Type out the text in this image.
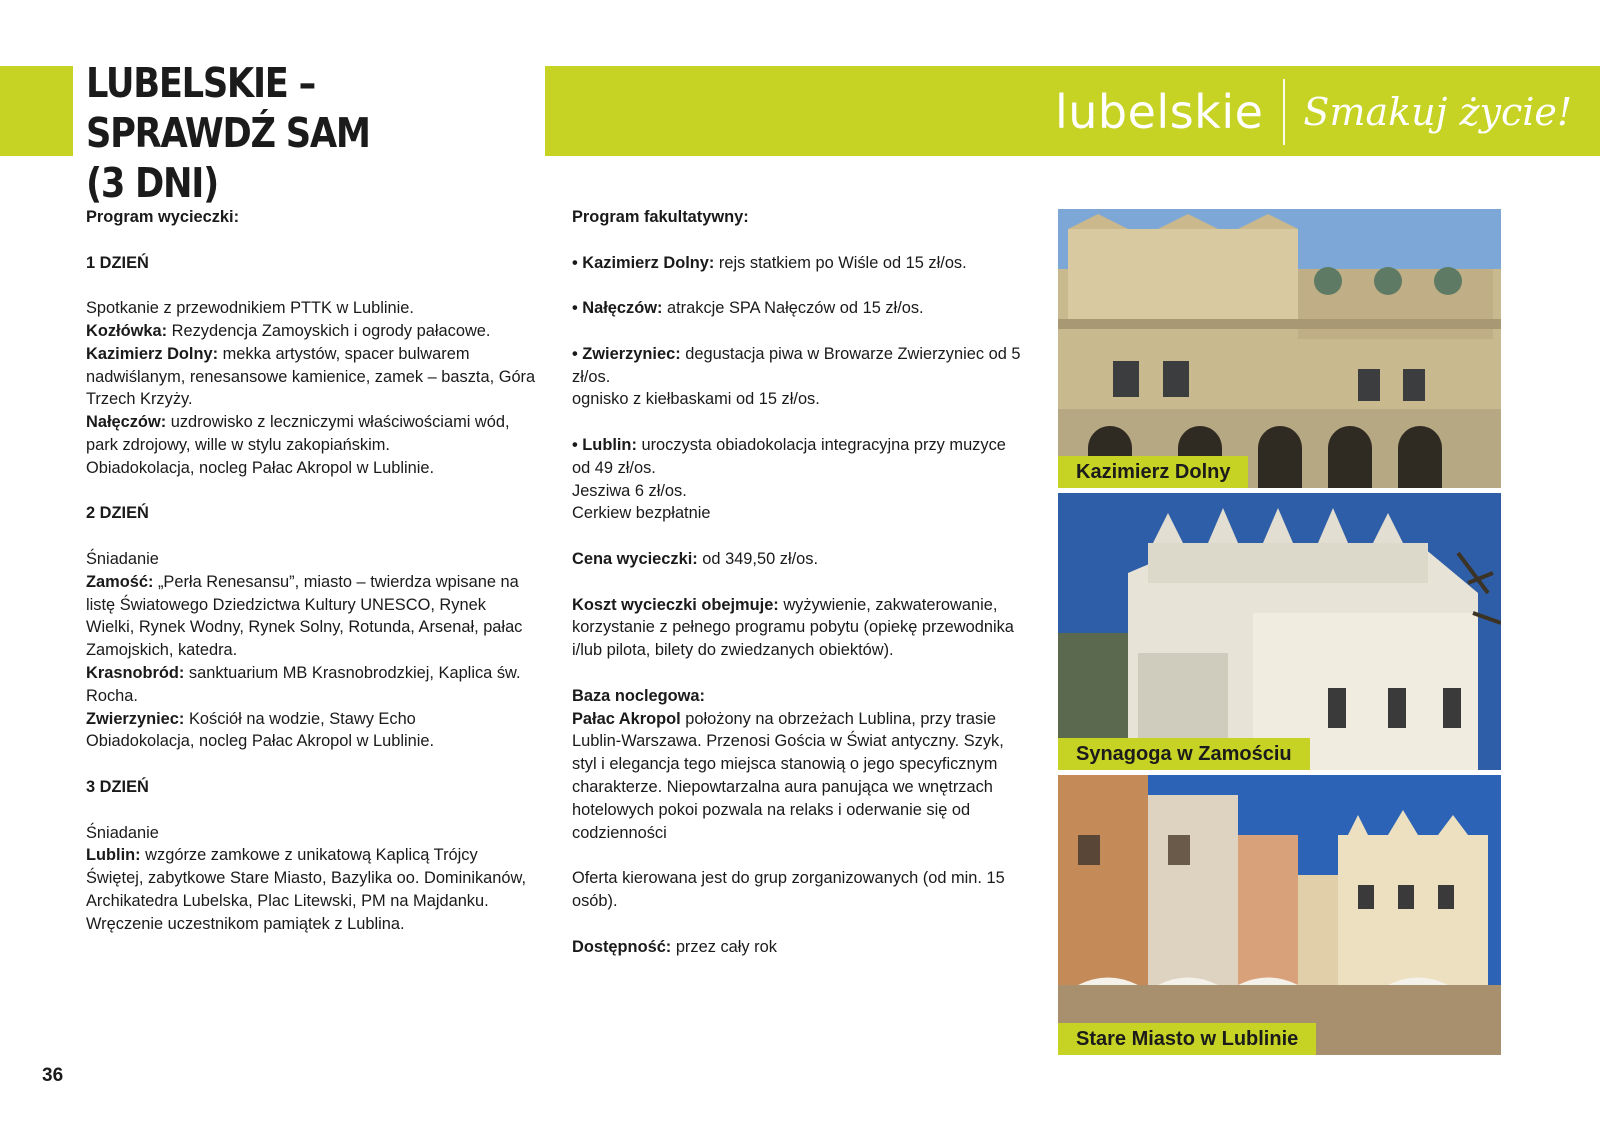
LUBELSKIE – SPRAWDŹ SAM
(3 DNI)
lubelskie Smakuj życie!

Program wycieczki:

1 DZIEŃ

Spotkanie z przewodnikiem PTTK w Lublinie.

Kozłówka: Rezydencja Zamoyskich i ogrody pałacowe.

Kazimierz Dolny: mekka artystów, spacer bulwarem nadwiślanym, renesansowe kamienice, zamek – baszta, Góra Trzech Krzyży.

Nałęczów: uzdrowisko z leczniczymi właściwościami wód, park zdrojowy, wille w stylu zakopiańskim.

Obiadokolacja, nocleg Pałac Akropol w Lublinie.

2 DZIEŃ

Śniadanie

Zamość: „Perła Renesansu”, miasto – twierdza wpisane na listę Światowego Dziedzictwa Kultury UNESCO, Rynek Wielki, Rynek Wodny, Rynek Solny, Rotunda, Arsenał, pałac Zamojskich, katedra.

Krasnobród: sanktuarium MB Krasnobrodzkiej, Kaplica św. Rocha.

Zwierzyniec: Kościół na wodzie, Stawy Echo

Obiadokolacja, nocleg Pałac Akropol w Lublinie.

3 DZIEŃ

Śniadanie

Lublin: wzgórze zamkowe z unikatową Kaplicą Trójcy Świętej, zabytkowe Stare Miasto, Bazylika oo. Dominikanów, Archikatedra Lubelska, Plac Litewski, PM na Majdanku. Wręczenie uczestnikom pamiątek z Lublina.

Program fakultatywny:

• Kazimierz Dolny: rejs statkiem po Wiśle od 15 zł/os.

• Nałęczów: atrakcje SPA Nałęczów od 15 zł/os.

• Zwierzyniec: degustacja piwa w Browarze Zwierzyniec od 5 zł/os.

ognisko z kiełbaskami od 15 zł/os.

• Lublin: uroczysta obiadokolacja integracyjna przy muzyce od 49 zł/os.

Jesziwa 6 zł/os.

Cerkiew bezpłatnie

Cena wycieczki: od 349,50 zł/os.

Koszt wycieczki obejmuje: wyżywienie, zakwaterowanie, korzystanie z pełnego programu pobytu (opiekę przewodnika i/lub pilota, bilety do zwiedzanych obiektów).

Baza noclegowa:

Pałac Akropol położony na obrzeżach Lublina, przy trasie Lublin-Warszawa. Przenosi Gościa w Świat antyczny. Szyk, styl i elegancja tego miejsca stanowią o jego specyficznym charakterze. Niepowtarzalna aura panująca we wnętrzach hotelowych pokoi pozwala na relaks i oderwanie się od codzienności

Oferta kierowana jest do grup zorganizowanych (od min. 15 osób).

Dostępność: przez cały rok

Kazimierz Dolny
Synagoga w Zamościu
Stare Miasto w Lublinie
36
